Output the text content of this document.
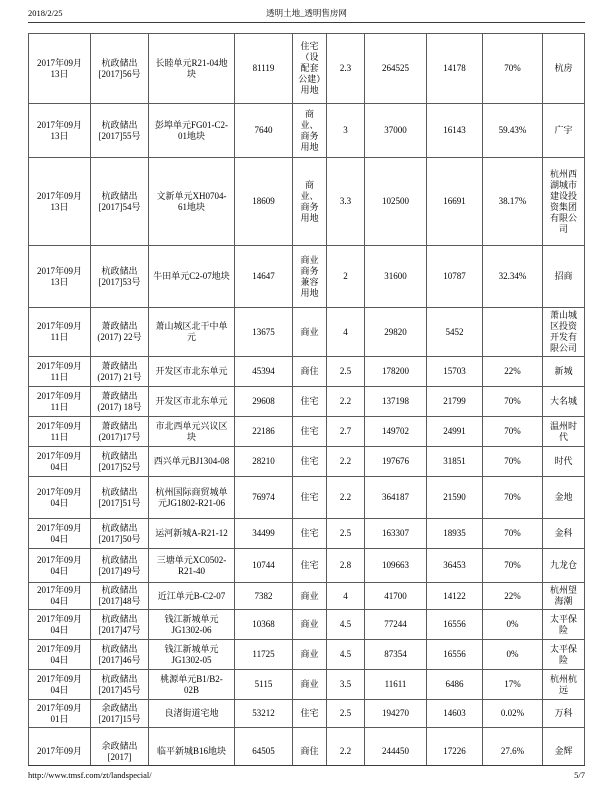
2018/2/25	透明土地_透明售房网
2017年09月13日	杭政储出[2017]56号	长睦单元R21-04地块	81119	住宅（设配套公建）用地	2.3	264525	14178	70%	杭房
2017年09月13日	杭政储出[2017]55号	彭埠单元FG01-C2-01地块	7640	商业、商务用地	3	37000	16143	59.43%	广宇
2017年09月13日	杭政储出[2017]54号	文新单元XH0704-61地块	18609	商业、商务用地	3.3	102500	16691	38.17%	杭州西湖城市建设投资集团有限公司
2017年09月13日	杭政储出[2017]53号	牛田单元C2-07地块	14647	商业商务兼容用地	2	31600	10787	32.34%	招商
2017年09月11日	萧政储出(2017) 22号	萧山城区北干中单元	13675	商业	4	29820	5452		萧山城区投资开发有限公司
2017年09月11日	萧政储出(2017) 21号	开发区市北东单元	45394	商住	2.5	178200	15703	22%	新城
2017年09月11日	萧政储出(2017) 18号	开发区市北东单元	29608	住宅	2.2	137198	21799	70%	大名城
2017年09月11日	萧政储出(2017)17号	市北西单元兴议区块	22186	住宅	2.7	149702	24991	70%	温州时代
2017年09月04日	杭政储出[2017]52号	西兴单元BJ1304-08	28210	住宅	2.2	197676	31851	70%	时代
2017年09月04日	杭政储出[2017]51号	杭州国际商贸城单元JG1802-R21-06	76974	住宅	2.2	364187	21590	70%	金地
2017年09月04日	杭政储出[2017]50号	运河新城A-R21-12	34499	住宅	2.5	163307	18935	70%	金科
2017年09月04日	杭政储出[2017]49号	三塘单元XC0502-R21-40	10744	住宅	2.8	109663	36453	70%	九龙仓
2017年09月04日	杭政储出[2017]48号	近江单元B-C2-07	7382	商业	4	41700	14122	22%	杭州望海潮
2017年09月04日	杭政储出[2017]47号	钱江新城单元JG1302-06	10368	商业	4.5	77244	16556	0%	太平保险
2017年09月04日	杭政储出[2017]46号	钱江新城单元JG1302-05	11725	商业	4.5	87354	16556	0%	太平保险
2017年09月04日	杭政储出[2017]45号	桃源单元B1/B2-02B	5115	商业	3.5	11611	6486	17%	杭州杭远
2017年09月01日	余政储出[2017]15号	良渚街道宅地	53212	住宅	2.5	194270	14603	0.02%	万科
2017年09月	余政储出[2017]	临平新城B16地块	64505	商住	2.2	244450	17226	27.6%	金辉
http://www.tmsf.com/zt/landspecial/	5/7
